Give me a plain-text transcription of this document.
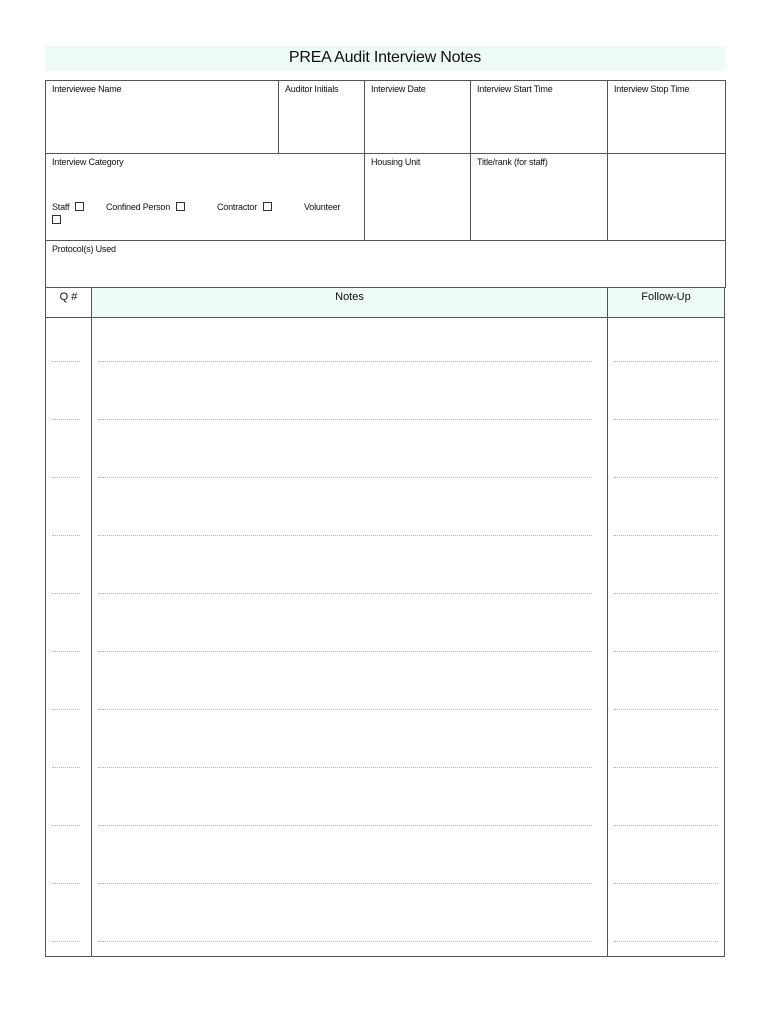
PREA Audit Interview Notes
Interviewee Name	Auditor Initials	Interview Date	Interview Start Time	Interview Stop Time
Interview Category
Staff Confined Person Contractor Volunteer		Housing Unit	Title/rank (for staff)	
Protocol(s) Used				
Q #	Notes	Follow-Up
